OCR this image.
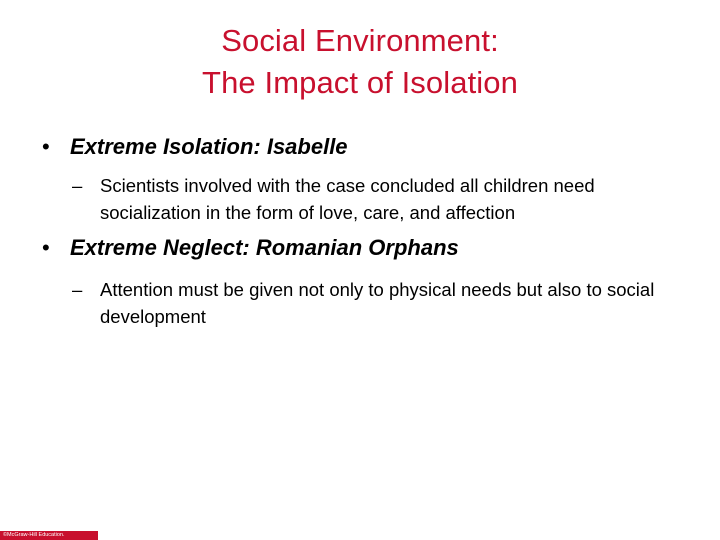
Social Environment:
The Impact of Isolation
• Extreme Isolation: Isabelle
– Scientists involved with the case concluded all children need socialization in the form of love, care, and affection
• Extreme Neglect: Romanian Orphans
– Attention must be given not only to physical needs but also to social development
©McGraw-Hill Education.
